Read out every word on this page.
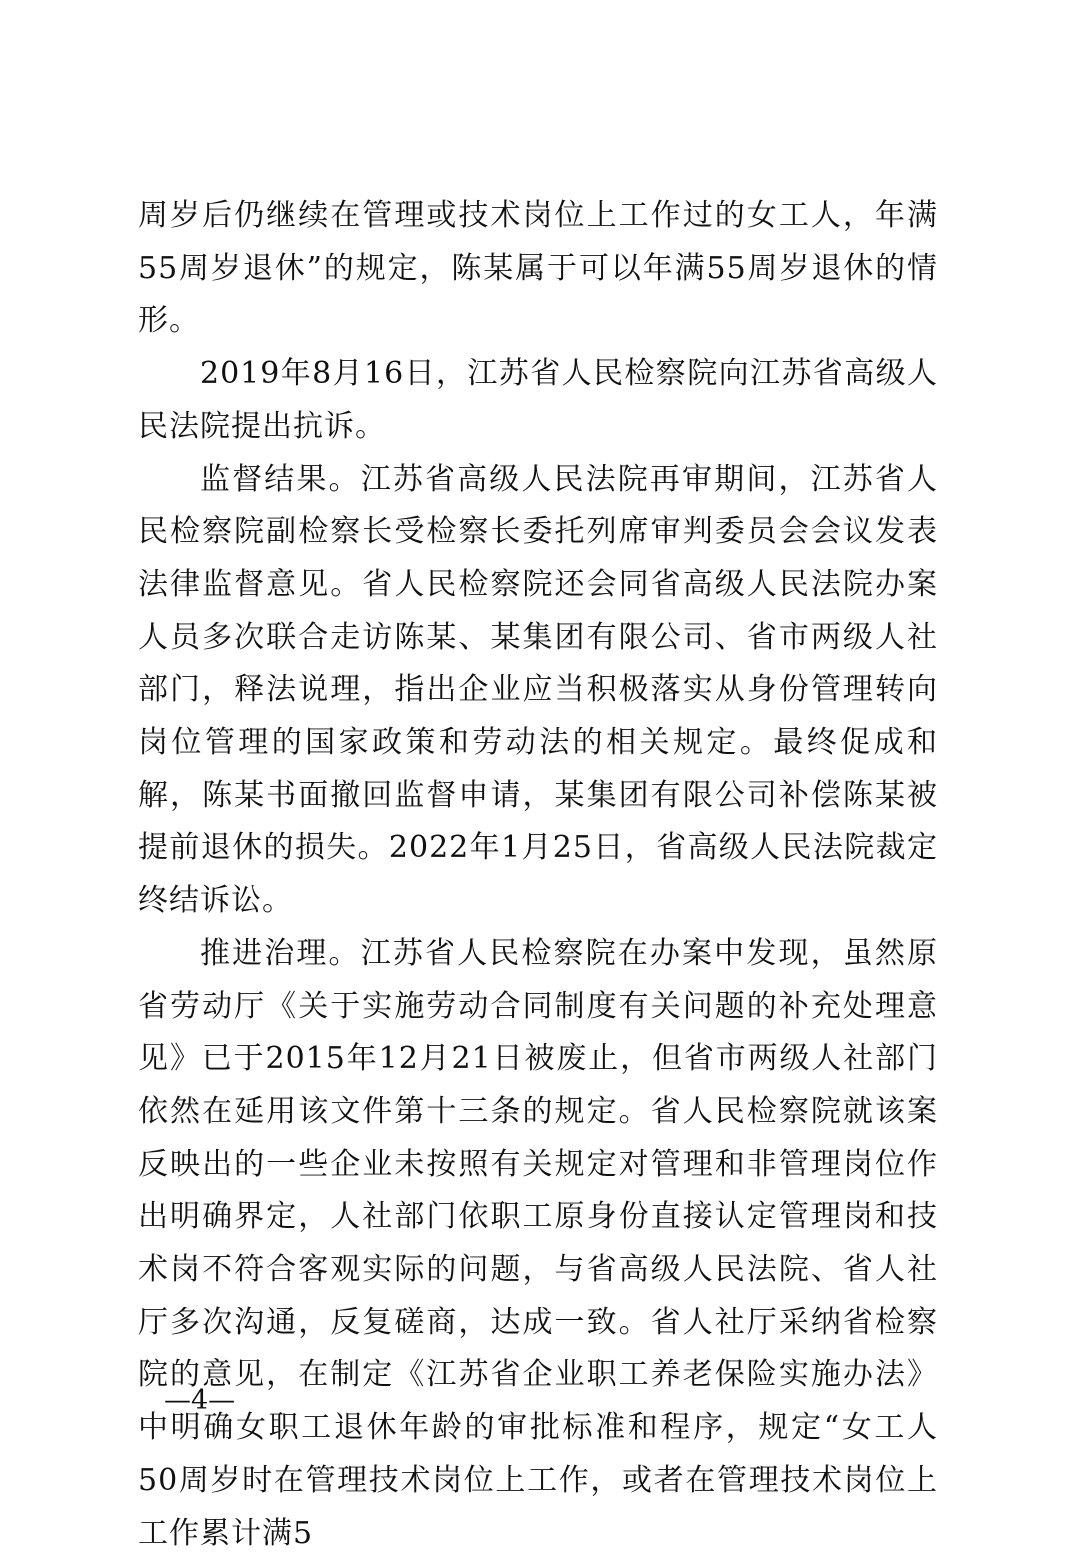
周岁后仍继续在管理或技术岗位上工作过的女工人，年满55周岁退休”的规定，陈某属于可以年满55周岁退休的情形。

2019年8月16日，江苏省人民检察院向江苏省高级人民法院提出抗诉。

监督结果。江苏省高级人民法院再审期间，江苏省人民检察院副检察长受检察长委托列席审判委员会会议发表法律监督意见。省人民检察院还会同省高级人民法院办案人员多次联合走访陈某、某集团有限公司、省市两级人社部门，释法说理，指出企业应当积极落实从身份管理转向岗位管理的国家政策和劳动法的相关规定。最终促成和解，陈某书面撤回监督申请，某集团有限公司补偿陈某被提前退休的损失。2022年1月25日，省高级人民法院裁定终结诉讼。

推进治理。江苏省人民检察院在办案中发现，虽然原省劳动厅《关于实施劳动合同制度有关问题的补充处理意见》已于2015年12月21日被废止，但省市两级人社部门依然在延用该文件第十三条的规定。省人民检察院就该案反映出的一些企业未按照有关规定对管理和非管理岗位作出明确界定，人社部门依职工原身份直接认定管理岗和技术岗不符合客观实际的问题，与省高级人民法院、省人社厅多次沟通，反复磋商，达成一致。省人社厅采纳省检察院的意见，在制定《江苏省企业职工养老保险实施办法》中明确女职工退休年龄的审批标准和程序，规定“女工人50周岁时在管理技术岗位上工作，或者在管理技术岗位上工作累计满5

—4—
